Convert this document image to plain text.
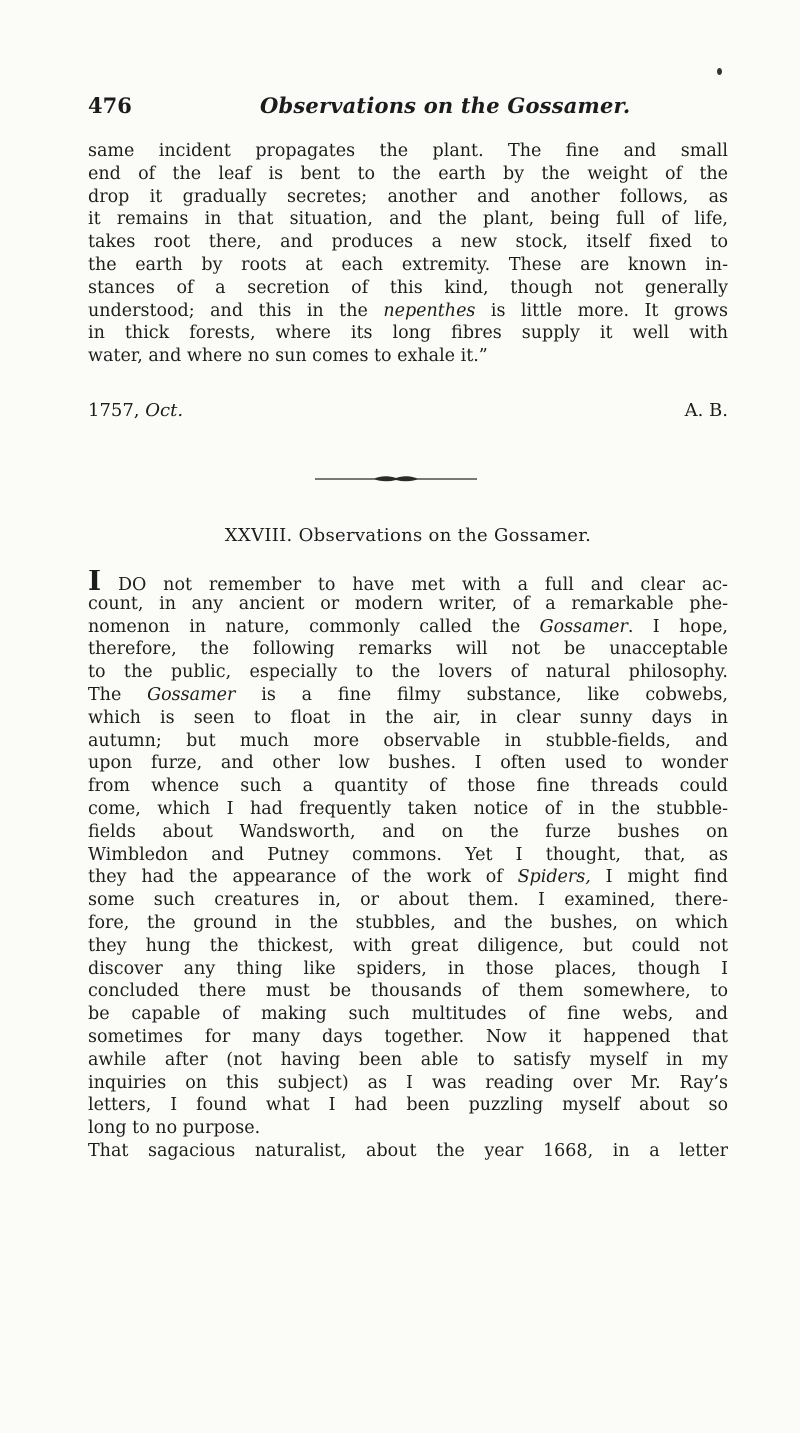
476	Observations on the Gossamer.
same incident propagates the plant. The fine and small
end of the leaf is bent to the earth by the weight of the
drop it gradually secretes; another and another follows, as
it remains in that situation, and the plant, being full of life,
takes root there, and produces a new stock, itself fixed to
the earth by roots at each extremity. These are known in-
stances of a secretion of this kind, though not generally
understood; and this in the nepenthes is little more. It grows
in thick forests, where its long fibres supply it well with
water, and where no sun comes to exhale it.”
1757, Oct.	A. B.
XXVIII. Observations on the Gossamer.
I DO not remember to have met with a full and clear ac-
count, in any ancient or modern writer, of a remarkable phe-
nomenon in nature, commonly called the Gossamer. I hope,
therefore, the following remarks will not be unacceptable
to the public, especially to the lovers of natural philosophy.
The Gossamer is a fine filmy substance, like cobwebs,
which is seen to float in the air, in clear sunny days in
autumn; but much more observable in stubble-fields, and
upon furze, and other low bushes. I often used to wonder
from whence such a quantity of those fine threads could
come, which I had frequently taken notice of in the stubble-
fields about Wandsworth, and on the furze bushes on
Wimbledon and Putney commons. Yet I thought, that, as
they had the appearance of the work of Spiders, I might find
some such creatures in, or about them. I examined, there-
fore, the ground in the stubbles, and the bushes, on which
they hung the thickest, with great diligence, but could not
discover any thing like spiders, in those places, though I
concluded there must be thousands of them somewhere, to
be capable of making such multitudes of fine webs, and
sometimes for many days together. Now it happened that
awhile after (not having been able to satisfy myself in my
inquiries on this subject) as I was reading over Mr. Ray’s
letters, I found what I had been puzzling myself about so
long to no purpose.
That sagacious naturalist, about the year 1668, in a letter
